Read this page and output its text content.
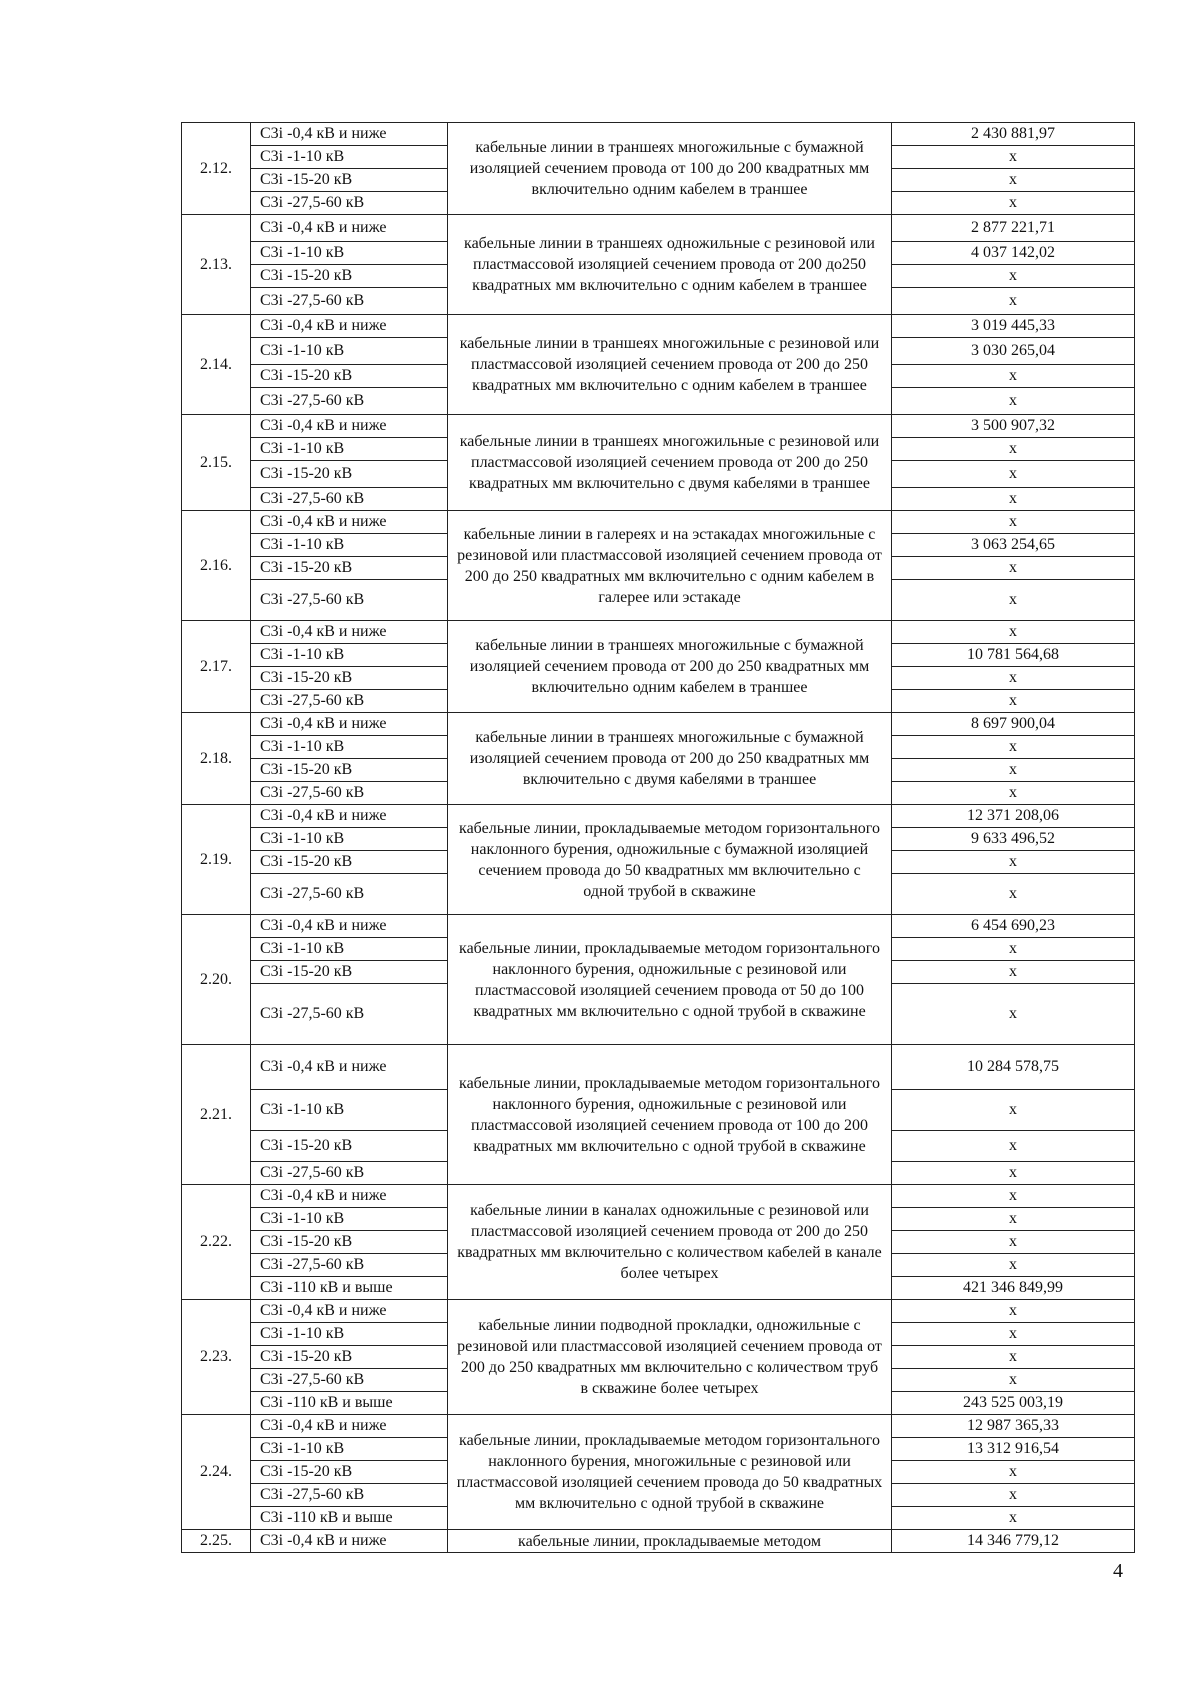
2.12.	С3i -0,4 кВ и ниже	кабельные линии в траншеях многожильные с бумажной изоляцией сечением провода от 100 до 200 квадратных мм включительно одним кабелем в траншее	2 430 881,97
	С3i -1-10 кВ		x
	С3i -15-20 кВ		x
	С3i -27,5-60 кВ		x
2.13.	С3i -0,4 кВ и ниже	кабельные линии в траншеях одножильные с резиновой или пластмассовой изоляцией сечением провода от 200 до250 квадратных мм включительно с одним кабелем в траншее	2 877 221,71
	С3i -1-10 кВ		4 037 142,02
	С3i -15-20 кВ		x
	С3i -27,5-60 кВ		x
2.14.	С3i -0,4 кВ и ниже	кабельные линии в траншеях многожильные с резиновой или пластмассовой изоляцией сечением провода от 200 до 250 квадратных мм включительно с одним кабелем в траншее	3 019 445,33
	С3i -1-10 кВ		3 030 265,04
	С3i -15-20 кВ		x
	С3i -27,5-60 кВ		x
2.15.	С3i -0,4 кВ и ниже	кабельные линии в траншеях многожильные с резиновой или пластмассовой изоляцией сечением провода от 200 до 250 квадратных мм включительно с двумя кабелями в траншее	3 500 907,32
	С3i -1-10 кВ		x
	С3i -15-20 кВ		x
	С3i -27,5-60 кВ		x
2.16.	С3i -0,4 кВ и ниже	кабельные линии в галереях и на эстакадах многожильные с резиновой или пластмассовой изоляцией сечением провода от 200 до 250 квадратных мм включительно с одним кабелем в галерее или эстакаде	x
	С3i -1-10 кВ		3 063 254,65
	С3i -15-20 кВ		x
	С3i -27,5-60 кВ		x
2.17.	С3i -0,4 кВ и ниже	кабельные линии в траншеях многожильные с бумажной изоляцией сечением провода от 200 до 250 квадратных мм включительно одним кабелем в траншее	x
	С3i -1-10 кВ		10 781 564,68
	С3i -15-20 кВ		x
	С3i -27,5-60 кВ		x
2.18.	С3i -0,4 кВ и ниже	кабельные линии в траншеях многожильные с бумажной изоляцией сечением провода от 200 до 250 квадратных мм включительно с двумя кабелями в траншее	8 697 900,04
	С3i -1-10 кВ		x
	С3i -15-20 кВ		x
	С3i -27,5-60 кВ		x
2.19.	С3i -0,4 кВ и ниже	кабельные линии, прокладываемые методом горизонтального наклонного бурения, одножильные с бумажной изоляцией сечением провода до 50 квадратных мм включительно с одной трубой в скважине	12 371 208,06
	С3i -1-10 кВ		9 633 496,52
	С3i -15-20 кВ		x
	С3i -27,5-60 кВ		x
2.20.	С3i -0,4 кВ и ниже	кабельные линии, прокладываемые методом горизонтального наклонного бурения, одножильные с резиновой или пластмассовой изоляцией сечением провода от 50 до 100 квадратных мм включительно с одной трубой в скважине	6 454 690,23
	С3i -1-10 кВ		x
	С3i -15-20 кВ		x
	С3i -27,5-60 кВ		x
2.21.	С3i -0,4 кВ и ниже	кабельные линии, прокладываемые методом горизонтального наклонного бурения, одножильные с резиновой или пластмассовой изоляцией сечением провода от 100 до 200 квадратных мм включительно с одной трубой в скважине	10 284 578,75
	С3i -1-10 кВ		x
	С3i -15-20 кВ		x
	С3i -27,5-60 кВ		x
2.22.	С3i -0,4 кВ и ниже	кабельные линии в каналах одножильные с резиновой или пластмассовой изоляцией сечением провода от 200 до 250 квадратных мм включительно с количеством кабелей в канале более четырех	x
	С3i -1-10 кВ		x
	С3i -15-20 кВ		x
	С3i -27,5-60 кВ		x
	С3i -110 кВ и выше		421 346 849,99
2.23.	С3i -0,4 кВ и ниже	кабельные линии подводной прокладки, одножильные с резиновой или пластмассовой изоляцией сечением провода от 200 до 250 квадратных мм включительно с количеством труб в скважине более четырех	x
	С3i -1-10 кВ		x
	С3i -15-20 кВ		x
	С3i -27,5-60 кВ		x
	С3i -110 кВ и выше		243 525 003,19
2.24.	С3i -0,4 кВ и ниже	кабельные линии, прокладываемые методом горизонтального наклонного бурения, многожильные с резиновой или пластмассовой изоляцией сечением провода до 50 квадратных мм включительно с одной трубой в скважине	12 987 365,33
	С3i -1-10 кВ		13 312 916,54
	С3i -15-20 кВ		x
	С3i -27,5-60 кВ		x
	С3i -110 кВ и выше		x
2.25.	С3i -0,4 кВ и ниже	кабельные линии, прокладываемые методом	14 346 779,12
4
